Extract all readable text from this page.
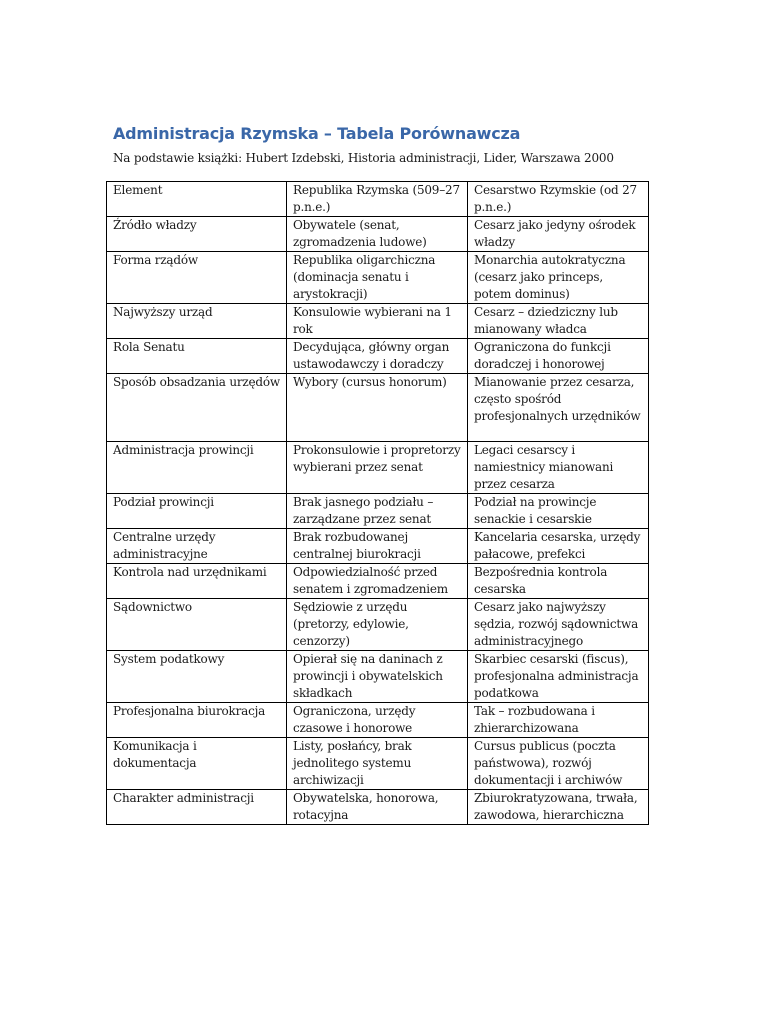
Administracja Rzymska – Tabela Porównawcza

Na podstawie książki: Hubert Izdebski, Historia administracji, Lider, Warszawa 2000

Element	Republika Rzymska (509–27 p.n.e.)	Cesarstwo Rzymskie (od 27 p.n.e.)
Źródło władzy	Obywatele (senat, zgromadzenia ludowe)	Cesarz jako jedyny ośrodek władzy
Forma rządów	Republika oligarchiczna (dominacja senatu i arystokracji)	Monarchia autokratyczna (cesarz jako princeps, potem dominus)
Najwyższy urząd	Konsulowie wybierani na 1 rok	Cesarz – dziedziczny lub mianowany władca
Rola Senatu	Decydująca, główny organ ustawodawczy i doradczy	Ograniczona do funkcji doradczej i honorowej
Sposób obsadzania urzędów	Wybory (cursus honorum)	Mianowanie przez cesarza, często spośród profesjonalnych urzędników
Administracja prowincji	Prokonsulowie i propretorzy wybierani przez senat	Legaci cesarscy i namiestnicy mianowani przez cesarza
Podział prowincji	Brak jasnego podziału – zarządzane przez senat	Podział na prowincje senackie i cesarskie
Centralne urzędy administracyjne	Brak rozbudowanej centralnej biurokracji	Kancelaria cesarska, urzędy pałacowe, prefekci
Kontrola nad urzędnikami	Odpowiedzialność przed senatem i zgromadzeniem	Bezpośrednia kontrola cesarska
Sądownictwo	Sędziowie z urzędu (pretorzy, edylowie, cenzorzy)	Cesarz jako najwyższy sędzia, rozwój sądownictwa administracyjnego
System podatkowy	Opierał się na daninach z prowincji i obywatelskich składkach	Skarbiec cesarski (fiscus), profesjonalna administracja podatkowa
Profesjonalna biurokracja	Ograniczona, urzędy czasowe i honorowe	Tak – rozbudowana i zhierarchizowana
Komunikacja i dokumentacja	Listy, posłańcy, brak jednolitego systemu archiwizacji	Cursus publicus (poczta państwowa), rozwój dokumentacji i archiwów
Charakter administracji	Obywatelska, honorowa, rotacyjna	Zbiurokratyzowana, trwała, zawodowa, hierarchiczna
